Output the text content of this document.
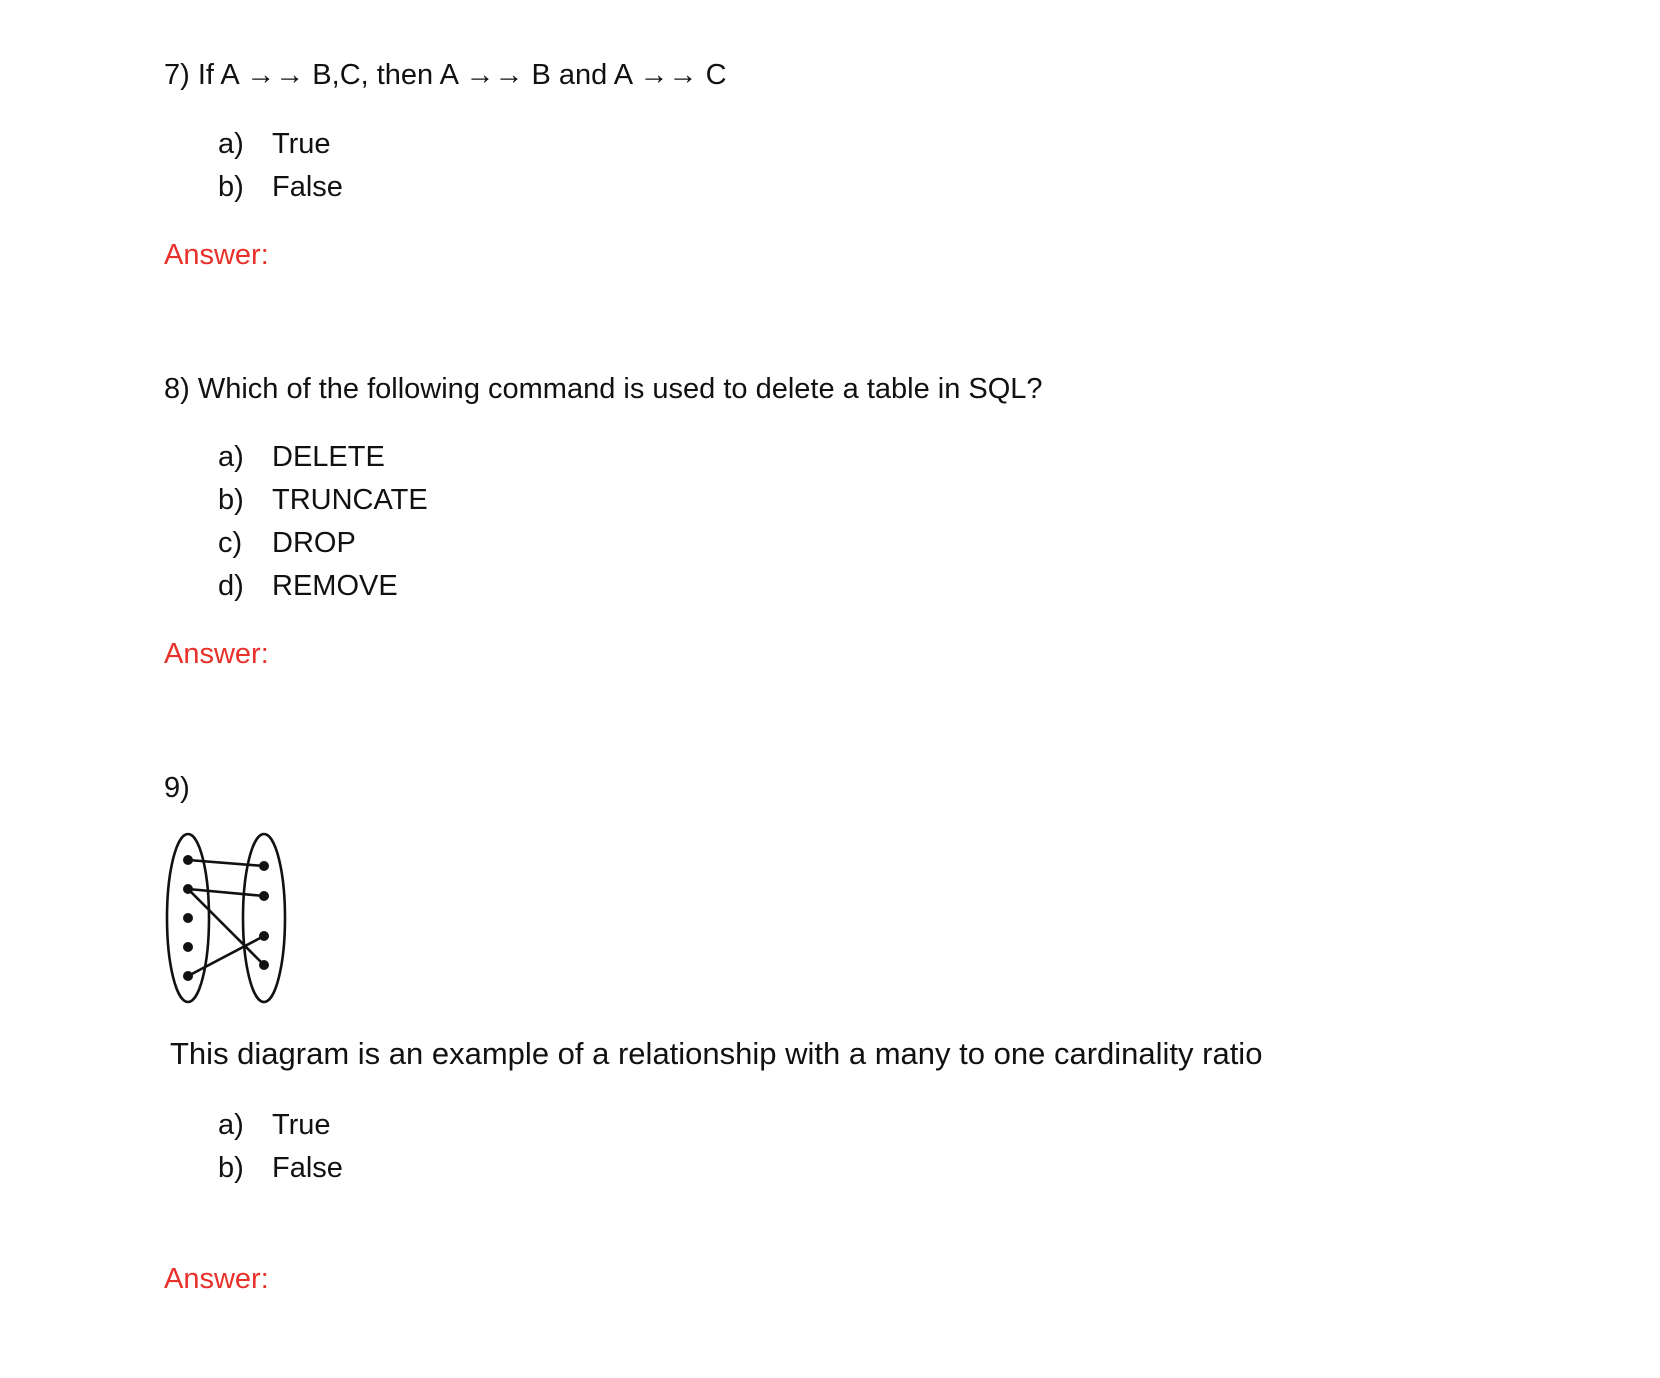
7) If A →→ B,C, then A →→ B and A →→ C
a) True
b) False
Answer:
8) Which of the following command is used to delete a table in SQL?
a) DELETE
b) TRUNCATE
c) DROP
d) REMOVE
Answer:
9)
This diagram is an example of a relationship with a many to one cardinality ratio
a) True
b) False
Answer:
